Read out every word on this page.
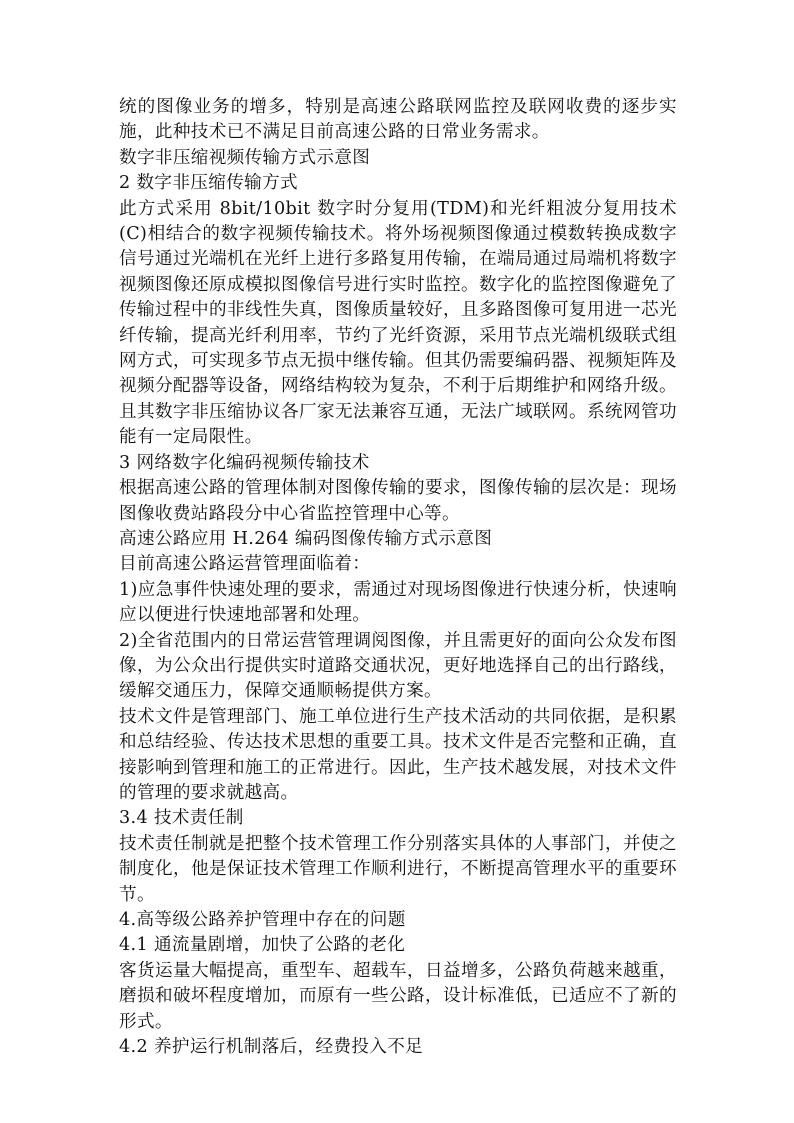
统的图像业务的增多，特别是高速公路联网监控及联网收费的逐步实施，此种技术已不满足目前高速公路的日常业务需求。

数字非压缩视频传输方式示意图

2 数字非压缩传输方式

此方式采用 8bit/10bit 数字时分复用(TDM)和光纤粗波分复用技术(C)相结合的数字视频传输技术。将外场视频图像通过模数转换成数字信号通过光端机在光纤上进行多路复用传输，在端局通过局端机将数字视频图像还原成模拟图像信号进行实时监控。数字化的监控图像避免了传输过程中的非线性失真，图像质量较好，且多路图像可复用进一芯光纤传输，提高光纤利用率，节约了光纤资源，采用节点光端机级联式组网方式，可实现多节点无损中继传输。但其仍需要编码器、视频矩阵及视频分配器等设备，网络结构较为复杂，不利于后期维护和网络升级。且其数字非压缩协议各厂家无法兼容互通，无法广域联网。系统网管功能有一定局限性。

3 网络数字化编码视频传输技术

根据高速公路的管理体制对图像传输的要求，图像传输的层次是：现场图像收费站路段分中心省监控管理中心等。

高速公路应用 H.264 编码图像传输方式示意图

目前高速公路运营管理面临着：

1)应急事件快速处理的要求，需通过对现场图像进行快速分析，快速响应以便进行快速地部署和处理。

2)全省范围内的日常运营管理调阅图像，并且需更好的面向公众发布图像，为公众出行提供实时道路交通状况，更好地选择自己的出行路线，缓解交通压力，保障交通顺畅提供方案。

技术文件是管理部门、施工单位进行生产技术活动的共同依据，是积累和总结经验、传达技术思想的重要工具。技术文件是否完整和正确，直接影响到管理和施工的正常进行。因此，生产技术越发展，对技术文件的管理的要求就越高。

3.4 技术责任制

技术责任制就是把整个技术管理工作分别落实具体的人事部门，并使之制度化，他是保证技术管理工作顺利进行，不断提高管理水平的重要环节。

4.高等级公路养护管理中存在的问题

4.1 通流量剧增，加快了公路的老化

客货运量大幅提高，重型车、超载车，日益增多，公路负荷越来越重，磨损和破坏程度增加，而原有一些公路，设计标准低，已适应不了新的形式。

4.2 养护运行机制落后，经费投入不足
